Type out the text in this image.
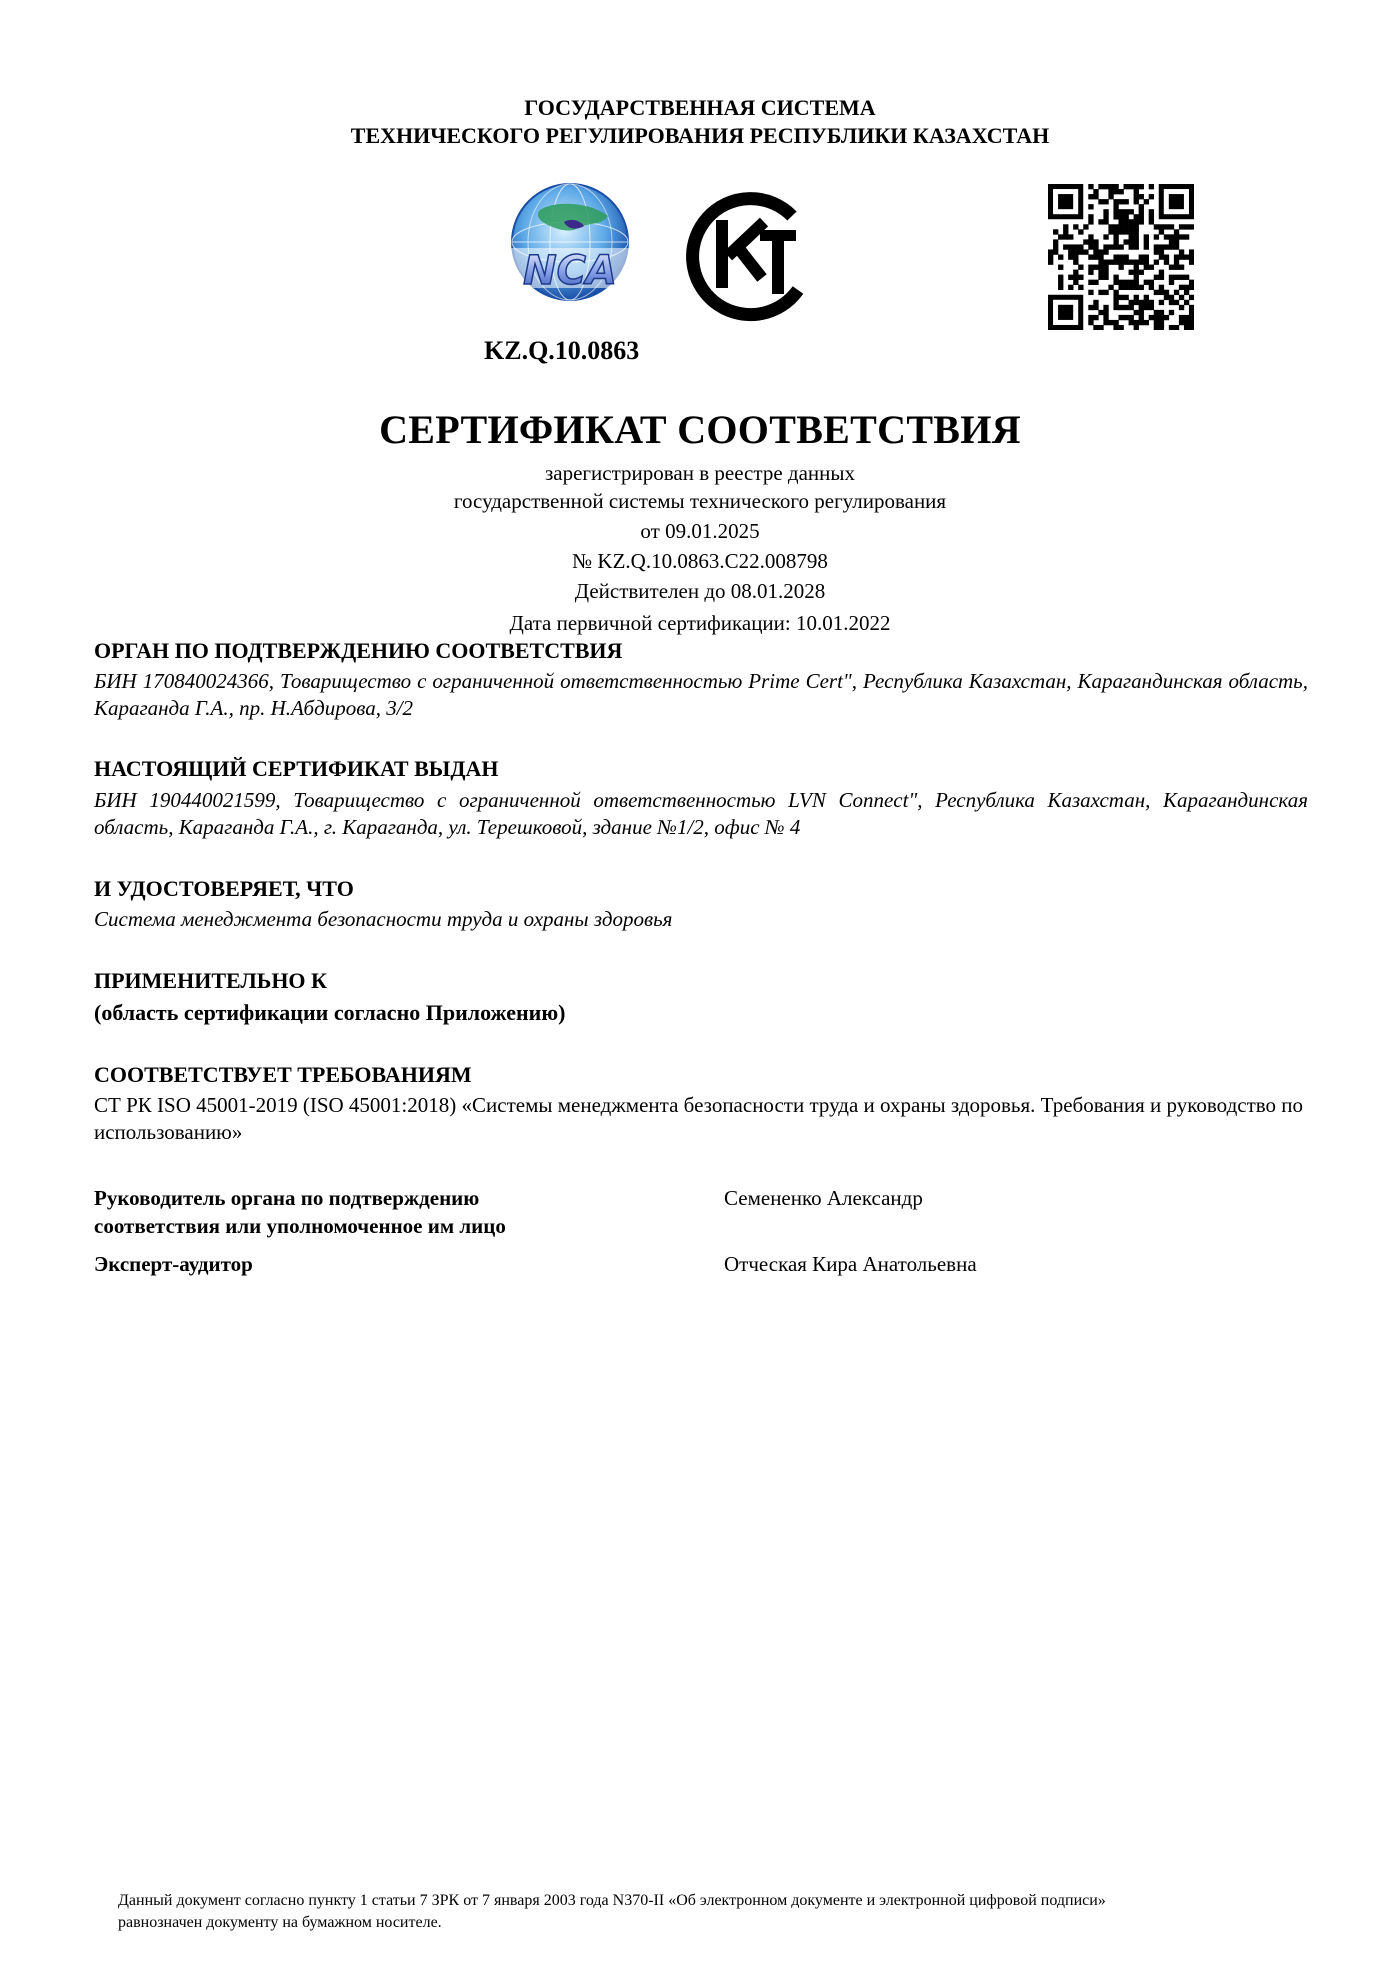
ГОСУДАРСТВЕННАЯ СИСТЕМА
ТЕХНИЧЕСКОГО РЕГУЛИРОВАНИЯ РЕСПУБЛИКИ КАЗАХСТАН
NCA
KZ.Q.10.0863
СЕРТИФИКАТ СООТВЕТСТВИЯ
зарегистрирован в реестре данных
государственной системы технического регулирования
от 09.01.2025
№ KZ.Q.10.0863.С22.008798
Действителен до 08.01.2028
Дата первичной сертификации: 10.01.2022
ОРГАН ПО ПОДТВЕРЖДЕНИЮ СООТВЕТСТВИЯ
БИН 170840024366, Товарищество с ограниченной ответственностью Prime Cert", Республика Казахстан, Карагандинская область, Караганда Г.А., пр. Н.Абдирова, 3/2
НАСТОЯЩИЙ СЕРТИФИКАТ ВЫДАН
БИН 190440021599, Товарищество с ограниченной ответственностью LVN Connect", Республика Казахстан, Карагандинская область, Караганда Г.А., г. Караганда, ул. Терешковой, здание №1/2, офис № 4
И УДОСТОВЕРЯЕТ, ЧТО
Система менеджмента безопасности труда и охраны здоровья
ПРИМЕНИТЕЛЬНО К
(область сертификации согласно Приложению)
СООТВЕТСТВУЕТ ТРЕБОВАНИЯМ
СТ РК ISO 45001-2019 (ISO 45001:2018) «Системы менеджмента безопасности труда и охраны здоровья. Требования и руководство по использованию»
Руководитель органа по подтверждению
соответствия или уполномоченное им лицо
Семененко Александр
Эксперт-аудитор	Отческая Кира Анатольевна
Данный документ согласно пункту 1 статьи 7 ЗРК от 7 января 2003 года N370-II «Об электронном документе и электронной цифровой подписи»
равнозначен документу на бумажном носителе.
